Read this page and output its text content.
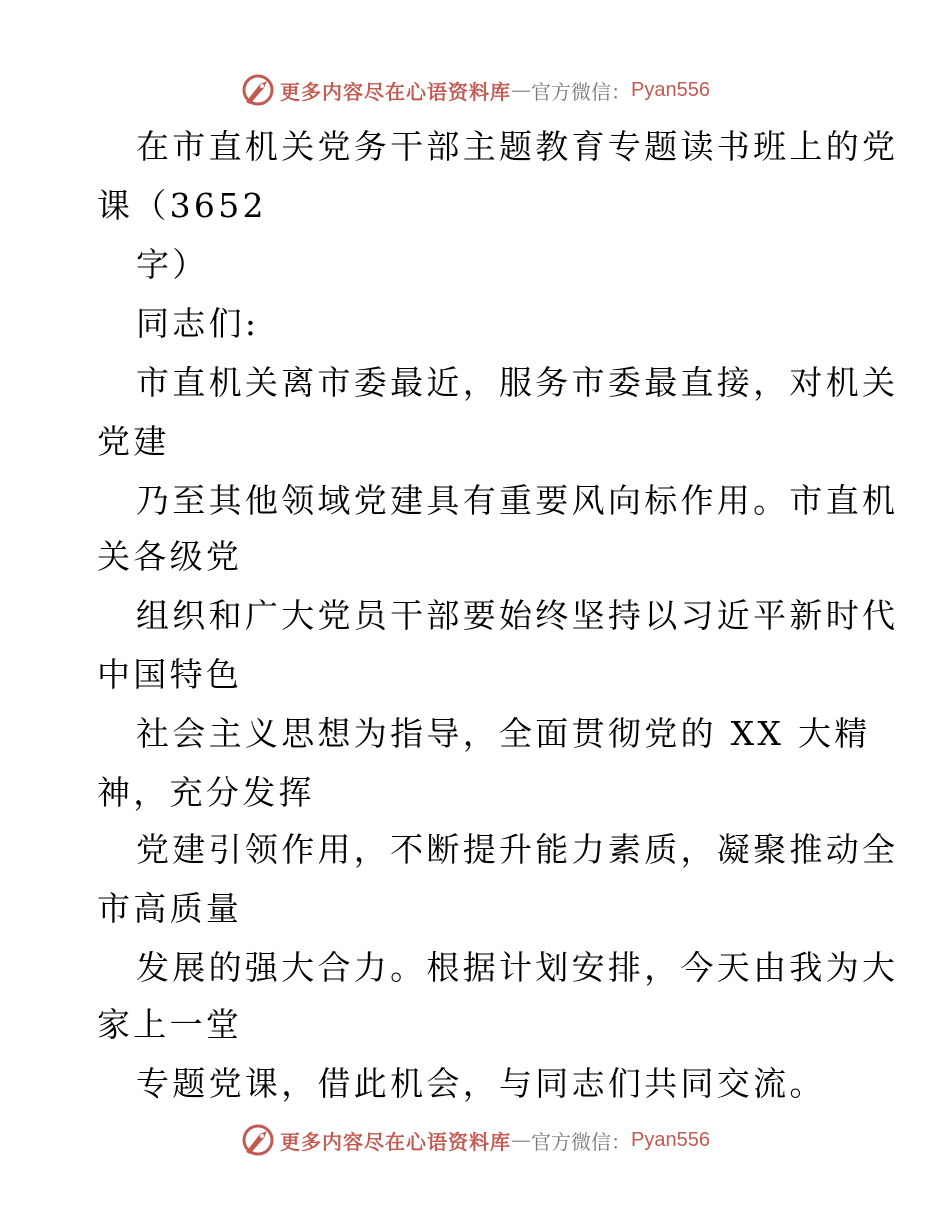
更多内容尽在心语资料库 — 官方微信： Pyan556
在市直机关党务干部主题教育专题读书班上的党
课（3652
字）
同志们:
市直机关离市委最近，服务市委最直接，对机关
党建
乃至其他领域党建具有重要风向标作用。市直机
关各级党
组织和广大党员干部要始终坚持以习近平新时代
中国特色
社会主义思想为指导，全面贯彻党的 XX 大精
神，充分发挥
党建引领作用，不断提升能力素质，凝聚推动全
市高质量
发展的强大合力。根据计划安排，今天由我为大
家上一堂
专题党课，借此机会，与同志们共同交流。
更多内容尽在心语资料库 — 官方微信： Pyan556
